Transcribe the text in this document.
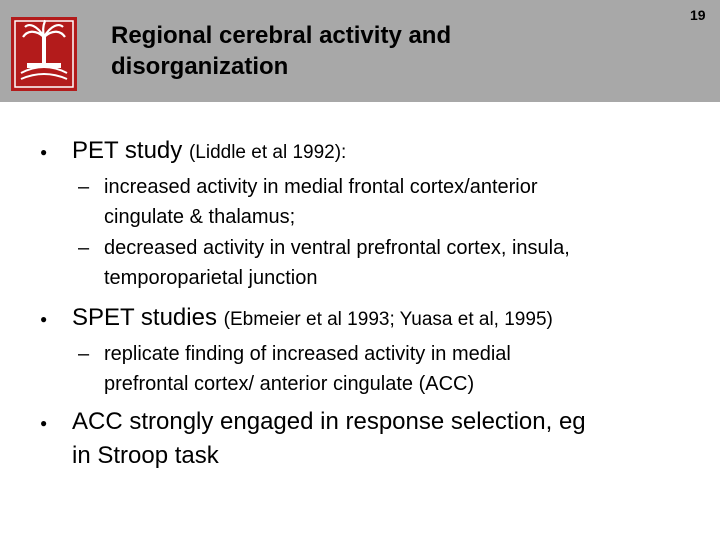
Regional cerebral activity and
disorganization
19
●	PET study (Liddle et al 1992):
– increased activity in medial frontal cortex/anterior
cingulate & thalamus;
– decreased activity in ventral prefrontal cortex, insula,
temporoparietal junction
●	SPET studies (Ebmeier et al 1993; Yuasa et al, 1995)
– replicate finding of increased activity in medial
prefrontal cortex/ anterior cingulate (ACC)
●	ACC strongly engaged in response selection, eg
in Stroop task
